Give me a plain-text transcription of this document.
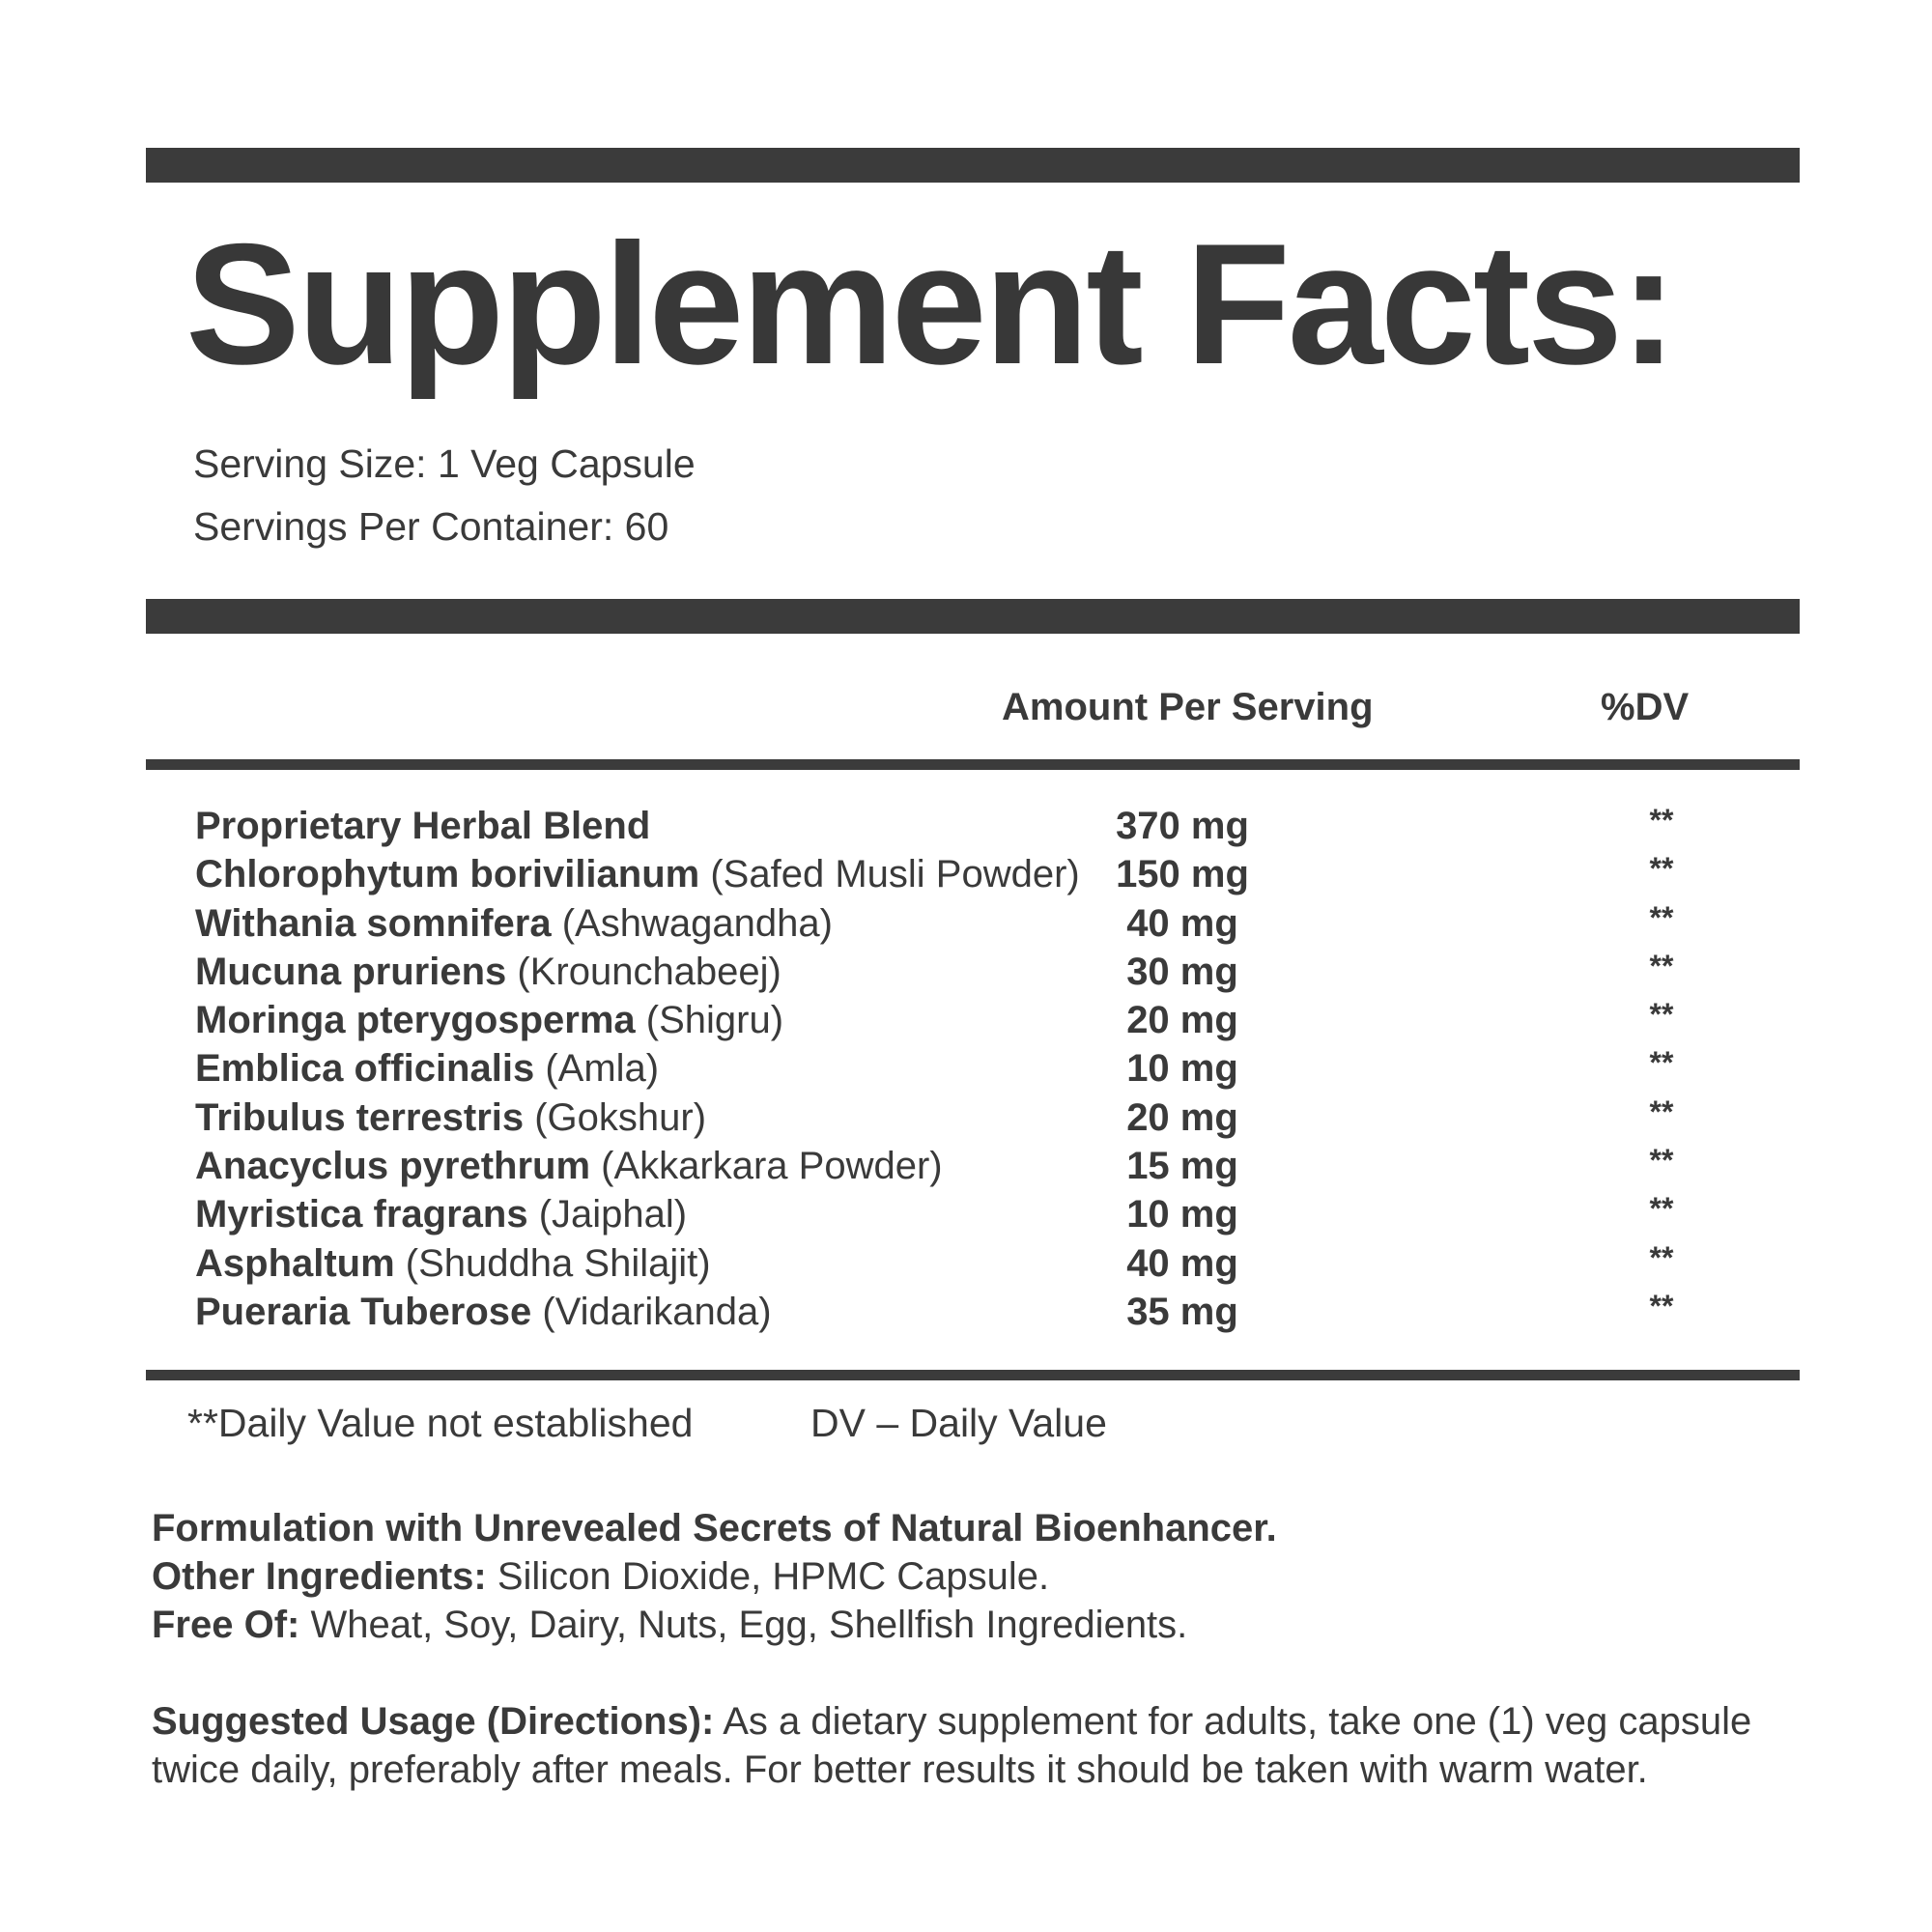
Supplement Facts:
Serving Size: 1 Veg Capsule
Servings Per Container: 60
Amount Per Serving	%DV
Proprietary Herbal Blend	370 mg	**
Chlorophytum borivilianum (Safed Musli Powder) 150 mg	**
Withania somnifera (Ashwagandha)	40 mg	**
Mucuna pruriens (Krounchabeej)	30 mg	**
Moringa pterygosperma (Shigru)	20 mg	**
Emblica officinalis (Amla)	10 mg	**
Tribulus terrestris (Gokshur)	20 mg	**
Anacyclus pyrethrum (Akkarkara Powder)	15 mg	**
Myristica fragrans (Jaiphal)	10 mg	**
Asphaltum (Shuddha Shilajit)	40 mg	**
Pueraria Tuberose (Vidarikanda)	35 mg	**
**Daily Value not established	DV – Daily Value
Formulation with Unrevealed Secrets of Natural Bioenhancer.
Other Ingredients: Silicon Dioxide, HPMC Capsule.
Free Of: Wheat, Soy, Dairy, Nuts, Egg, Shellfish Ingredients.
Suggested Usage (Directions): As a dietary supplement for adults, take one (1) veg capsule twice daily, preferably after meals. For better results it should be taken with warm water.
